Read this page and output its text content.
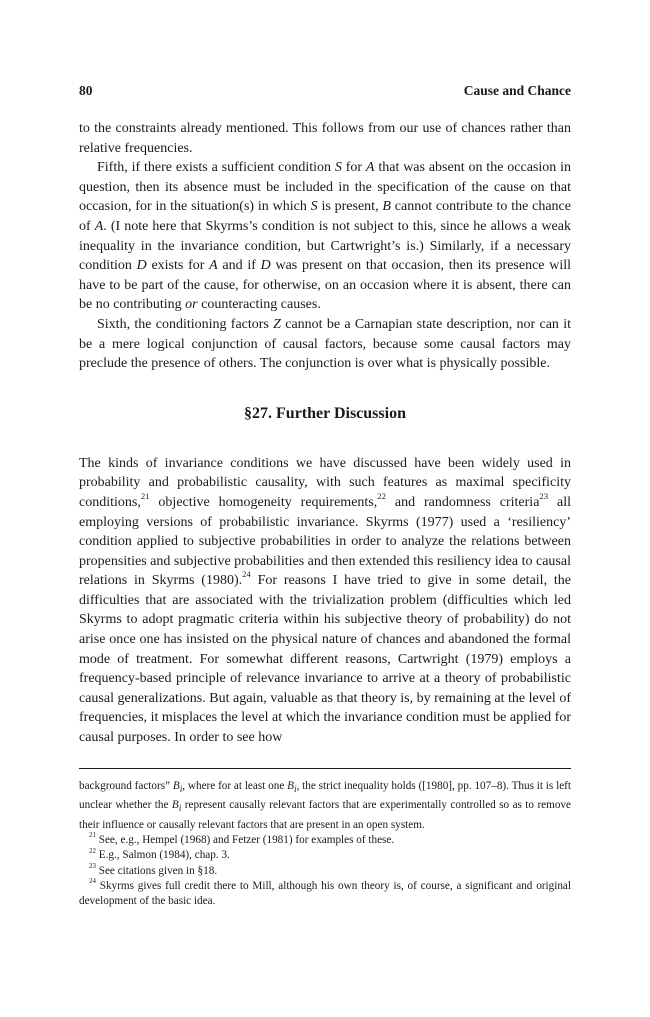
80	Cause and Chance

to the constraints already mentioned. This follows from our use of chances rather than relative frequencies.

Fifth, if there exists a sufficient condition S for A that was absent on the occasion in question, then its absence must be included in the specification of the cause on that occasion, for in the situation(s) in which S is present, B cannot contribute to the chance of A. (I note here that Skyrms’s condition is not subject to this, since he allows a weak inequality in the invariance condition, but Cartwright’s is.) Similarly, if a necessary condition D exists for A and if D was present on that occasion, then its presence will have to be part of the cause, for otherwise, on an occasion where it is absent, there can be no contributing or counteracting causes.

Sixth, the conditioning factors Z cannot be a Carnapian state description, nor can it be a mere logical conjunction of causal factors, because some causal factors may preclude the presence of others. The conjunction is over what is physically possible.

§27. Further Discussion

The kinds of invariance conditions we have discussed have been widely used in probability and probabilistic causality, with such features as maximal specificity conditions,$^{21}$ objective homogeneity requirements,$^{22}$ and randomness criteria$^{23}$ all employing versions of probabilistic invariance. Skyrms (1977) used a ‘resiliency’ condition applied to subjective probabilities in order to analyze the relations between propensities and subjective probabilities and then extended this resiliency idea to causal relations in Skyrms (1980).$^{24}$ For reasons I have tried to give in some detail, the difficulties that are associated with the trivialization problem (difficulties which led Skyrms to adopt pragmatic criteria within his subjective theory of probability) do not arise once one has insisted on the physical nature of chances and abandoned the formal mode of treatment. For somewhat different reasons, Cartwright (1979) employs a frequency-based principle of relevance invariance to arrive at a theory of probabilistic causal generalizations. But again, valuable as that theory is, by remaining at the level of frequencies, it misplaces the level at which the invariance condition must be applied for causal purposes. In order to see how

background factors” $B_i$, where for at least one $B_i$, the strict inequality holds ([1980], pp. 107–8). Thus it is left unclear whether the $B_i$ represent causally relevant factors that are experimentally controlled so as to remove their influence or causally relevant factors that are present in an open system.

$^{21}$ See, e.g., Hempel (1968) and Fetzer (1981) for examples of these.

$^{22}$ E.g., Salmon (1984), chap. 3.

$^{23}$ See citations given in §18.

$^{24}$ Skyrms gives full credit there to Mill, although his own theory is, of course, a significant and original development of the basic idea.
